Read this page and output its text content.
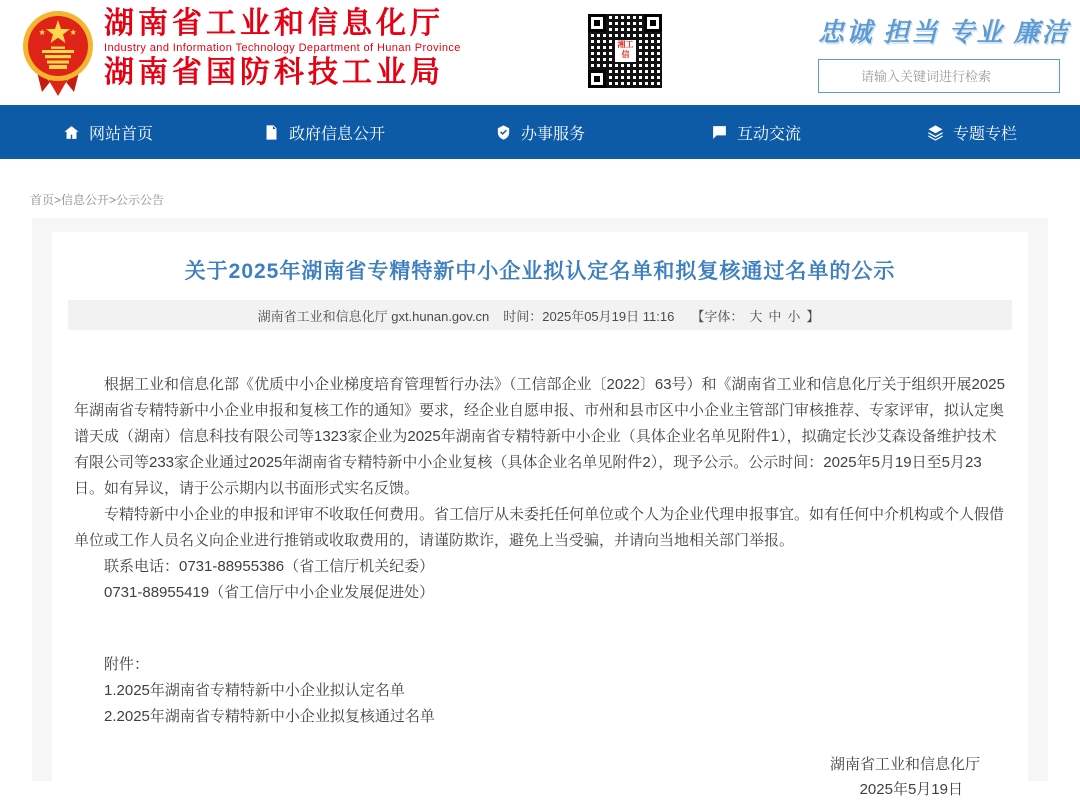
湖南省工业和信息化厅
Industry and Information Technology Department of Hunan Province
湖南省国防科技工业局
湘工信
忠诚 担当 专业 廉洁
请输入关键词进行检索
网站首页	政府信息公开	办事服务	互动交流	专题专栏
首页>信息公开>公示公告
关于2025年湖南省专精特新中小企业拟认定名单和拟复核通过名单的公示
湖南省工业和信息化厅 gxt.hunan.gov.cn 时间：2025年05月19日 11:16 【字体： 大 中 小 】

根据工业和信息化部《优质中小企业梯度培育管理暂行办法》（工信部企业〔2022〕63号）和《湖南省工业和信息化厅关于组织开展2025年湖南省专精特新中小企业申报和复核工作的通知》要求，经企业自愿申报、市州和县市区中小企业主管部门审核推荐、专家评审，拟认定奥谱天成（湖南）信息科技有限公司等1323家企业为2025年湖南省专精特新中小企业（具体企业名单见附件1），拟确定长沙艾森设备维护技术有限公司等233家企业通过2025年湖南省专精特新中小企业复核（具体企业名单见附件2），现予公示。公示时间：2025年5月19日至5月23日。如有异议，请于公示期内以书面形式实名反馈。

专精特新中小企业的申报和评审不收取任何费用。省工信厅从未委托任何单位或个人为企业代理申报事宜。如有任何中介机构或个人假借单位或工作人员名义向企业进行推销或收取费用的，请谨防欺诈，避免上当受骗，并请向当地相关部门举报。

联系电话：0731-88955386（省工信厅机关纪委）

0731-88955419（省工信厅中小企业发展促进处）

附件：
1.2025年湖南省专精特新中小企业拟认定名单
2.2025年湖南省专精特新中小企业拟复核通过名单
湖南省工业和信息化厅
2025年5月19日
